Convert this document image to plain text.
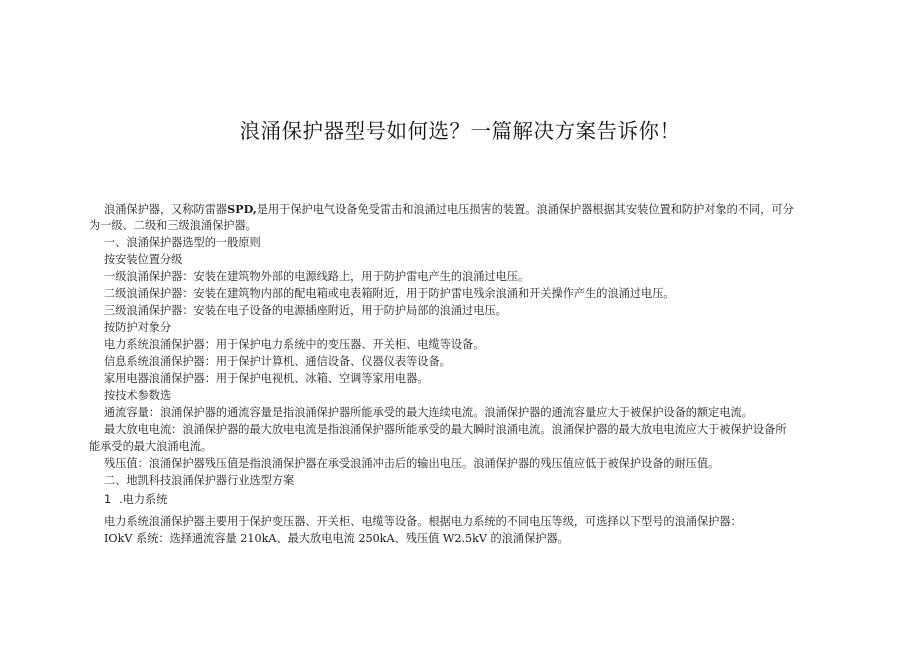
浪涌保护器型号如何选？一篇解决方案告诉你！
浪涌保护器，又称防雷器SPD,是用于保护电气设备免受雷击和浪涌过电压损害的装置。浪涌保护器根据其安装位置和防护对象的不同，可分
为一级、二级和三级浪涌保护器。
一、浪涌保护器选型的一般原则
按安装位置分级
一级浪涌保护器：安装在建筑物外部的电源线路上，用于防护雷电产生的浪涌过电压。
二级浪涌保护器：安装在建筑物内部的配电箱或电表箱附近，用于防护雷电残余浪涌和开关操作产生的浪涌过电压。
三级浪涌保护器：安装在电子设备的电源插座附近，用于防护局部的浪涌过电压。
按防护对象分
电力系统浪涌保护器：用于保护电力系统中的变压器、开关柜、电缆等设备。
信息系统浪涌保护器：用于保护计算机、通信设备、仪器仪表等设备。
家用电器浪涌保护器：用于保护电视机、冰箱、空调等家用电器。
按技术参数选
通流容量：浪涌保护器的通流容量是指浪涌保护器所能承受的最大连续电流。浪涌保护器的通流容量应大于被保护设备的额定电流。
最大放电电流：浪涌保护器的最大放电电流是指浪涌保护器所能承受的最大瞬时浪涌电流。浪涌保护器的最大放电电流应大于被保护设备所
能承受的最大浪涌电流。
残压值：浪涌保护器残压值是指浪涌保护器在承受浪涌冲击后的输出电压。浪涌保护器的残压值应低于被保护设备的耐压值。
二、地凯科技浪涌保护器行业选型方案
1 .电力系统
电力系统浪涌保护器主要用于保护变压器、开关柜、电缆等设备。根据电力系统的不同电压等级，可选择以下型号的浪涌保护器：
IOkV 系统：选择通流容量 210kA、最大放电电流 250kA、残压值 W2.5kV 的浪涌保护器。
